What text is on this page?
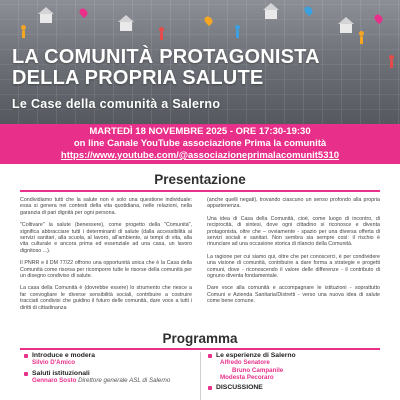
LA COMUNITÀ PROTAGONISTA
DELLA PROPRIA SALUTE
Le Case della comunità a Salerno
MARTEDÌ 18 NOVEMBRE 2025 - ORE 17:30-19:30
on line Canale YouTube associazione Prima la comunità
https://www.youtube.com/@associazioneprimalacomunit5310
Presentazione

Condividiamo tutti che la salute non è solo una questione individuale: essa si genera nei contesti della vita quotidiana, nelle relazioni, nella garanzia di pari dignità per ogni persona.

"Coltivare" la salute (benessere), come progetto della "Comunità", significa abbracciare tutti i determinanti di salute (dalla accessibilità ai servizi sanitari, alla scuola, al lavoro, all'ambiente, ai tempi di vita, alla vita culturale e ancora prima ed essenziale ad una casa, un lavoro dignitoso ...).

Il PNRR e il DM 77/22 offrono una opportunità unica che è la Casa della Comunità come risorsa per ricomporre tutte le risorse della comunità per un disegno condiviso di salute.

La casa della Comunità è (dovrebbe essere) lo strumento che riesce a far convogliare le diverse sensibilità sociali, contribuire a costruire tracciati condivisi che guidino il futuro delle comunità, dare voce a tutti i diritti di cittadinanza

(anche quelli negati), trovando ciascuno un senso profondo alla propria appartenenza.

Una idea di Casa della Comunità, cioè, come luogo di incontro, di reciprocità, di sintesi, dove ogni cittadino si riconosce e diventa protagonista, oltre che – ovviamente - spazio per una diversa offerta di servizi sociali e sanitari. Non sembra sia sempre così: il rischio è rinunciare ad una occasione storica di rilancio della Comunità.

La ragione per cui siamo qui, oltre che per conoscerci, è per condividere una visione di comunità, contribuire a dare forma a strategie e progetti comuni, dove - riconoscendo il valore delle differenze - il contributo di ognuno diventa fondamentale.

Dare voce alla comunità e accompagnare le istituzioni - soprattutto Comuni e Azienda Sanitaria/Distretti - verso una nuova idea di salute come bene comune.

Programma
Introduce e modera
Silvio D'Amico
Saluti istituzionali
Gennaro Sosto Direttore generale ASL di Salerno
Le esperienze di Salerno
Alfredo Senatore
Bruno Campanile
Modesta Pecoraro
DISCUSSIONE
